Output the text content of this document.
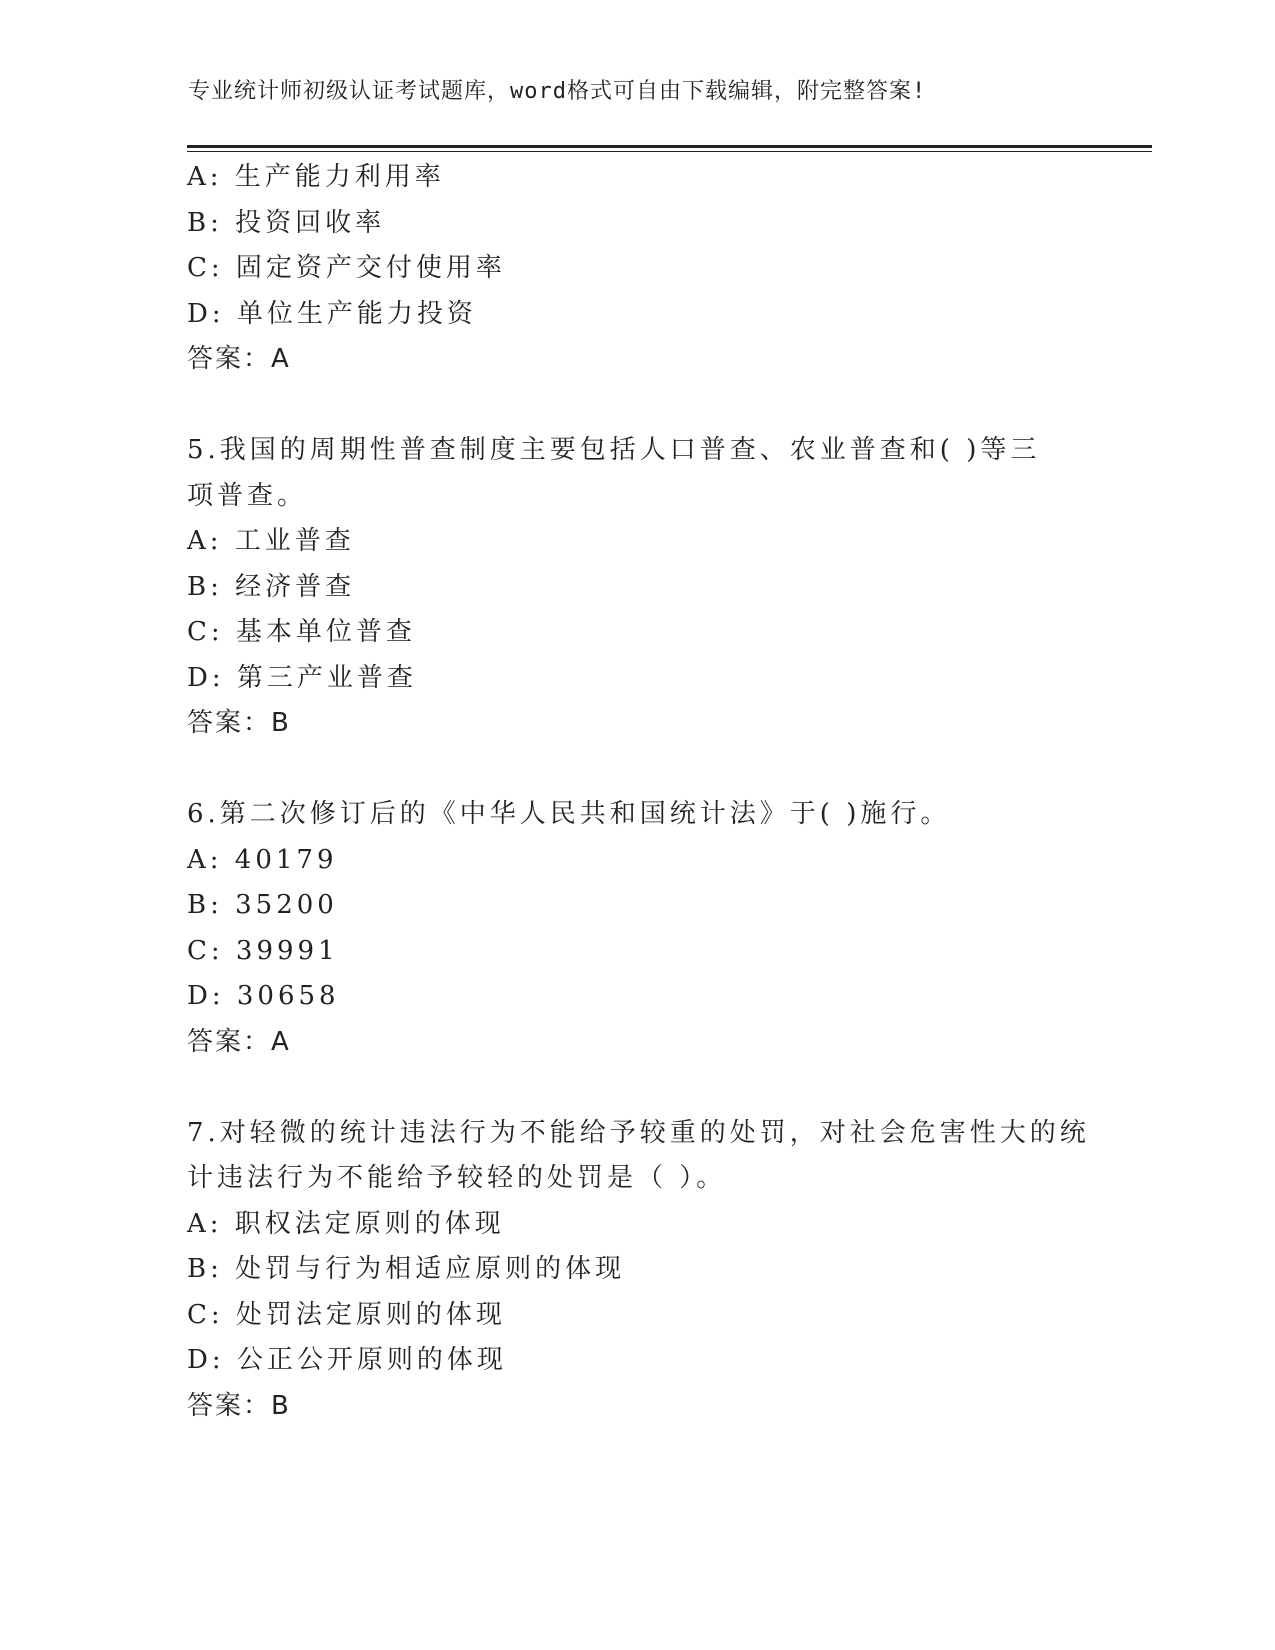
专业统计师初级认证考试题库，word格式可自由下载编辑，附完整答案!
A: 生产能力利用率
B: 投资回收率
C: 固定资产交付使用率
D: 单位生产能力投资
答案：A
5.我国的周期性普查制度主要包括人口普查、农业普查和( )等三
项普查。
A: 工业普查
B: 经济普查
C: 基本单位普查
D: 第三产业普查
答案：B
6.第二次修订后的《中华人民共和国统计法》于( )施行。
A: 40179
B: 35200
C: 39991
D: 30658
答案：A
7.对轻微的统计违法行为不能给予较重的处罚，对社会危害性大的统
计违法行为不能给予较轻的处罚是（ ）。
A: 职权法定原则的体现
B: 处罚与行为相适应原则的体现
C: 处罚法定原则的体现
D: 公正公开原则的体现
答案：B
